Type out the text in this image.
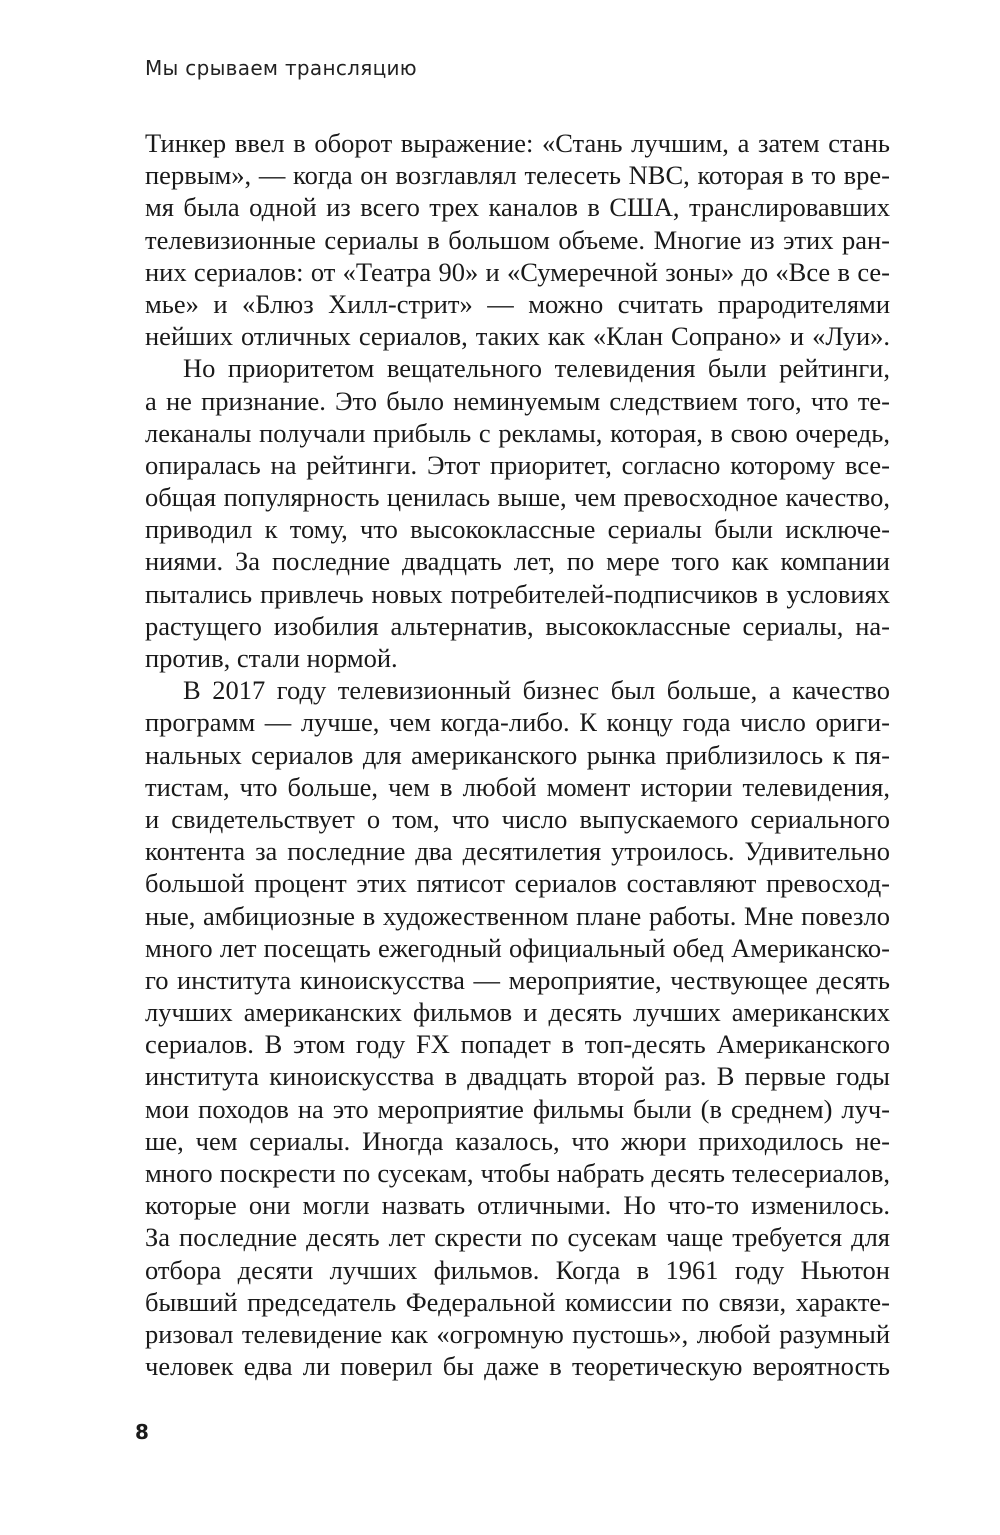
Мы срываем трансляцию
Тинкер ввел в оборот выражение: «Стань лучшим, а затем стань
первым», — когда он возглавлял телесеть NBC, которая в то вре-
мя была одной из всего трех каналов в США, транслировавших
телевизионные сериалы в большом объеме. Многие из этих ран-
них сериалов: от «Театра 90» и «Сумеречной зоны» до «Все в се-
мье» и «Блюз Хилл-стрит» — можно считать прародителями
нейших отличных сериалов, таких как «Клан Сопрано» и «Луи».
Но приоритетом вещательного телевидения были рейтинги,
а не признание. Это было неминуемым следствием того, что те-
леканалы получали прибыль с рекламы, которая, в свою очередь,
опиралась на рейтинги. Этот приоритет, согласно которому все-
общая популярность ценилась выше, чем превосходное качество,
приводил к тому, что высококлассные сериалы были исключе-
ниями. За последние двадцать лет, по мере того как компании
пытались привлечь новых потребителей-подписчиков в условиях
растущего изобилия альтернатив, высококлассные сериалы, на-
против, стали нормой.
В 2017 году телевизионный бизнес был больше, а качество
программ — лучше, чем когда-либо. К концу года число ориги-
нальных сериалов для американского рынка приблизилось к пя-
тистам, что больше, чем в любой момент истории телевидения,
и свидетельствует о том, что число выпускаемого сериального
контента за последние два десятилетия утроилось. Удивительно
большой процент этих пятисот сериалов составляют превосход-
ные, амбициозные в художественном плане работы. Мне повезло
много лет посещать ежегодный официальный обед Американско-
го института киноискусства — мероприятие, чествующее десять
лучших американских фильмов и десять лучших американских
сериалов. В этом году FX попадет в топ-десять Американского
института киноискусства в двадцать второй раз. В первые годы
мои походов на это мероприятие фильмы были (в среднем) луч-
ше, чем сериалы. Иногда казалось, что жюри приходилось не-
много поскрести по сусекам, чтобы набрать десять телесериалов,
которые они могли назвать отличными. Но что-то изменилось.
За последние десять лет скрести по сусекам чаще требуется для
отбора десяти лучших фильмов. Когда в 1961 году Ньютон
бывший председатель Федеральной комиссии по связи, характе-
ризовал телевидение как «огромную пустошь», любой разумный
человек едва ли поверил бы даже в теоретическую вероятность
8
